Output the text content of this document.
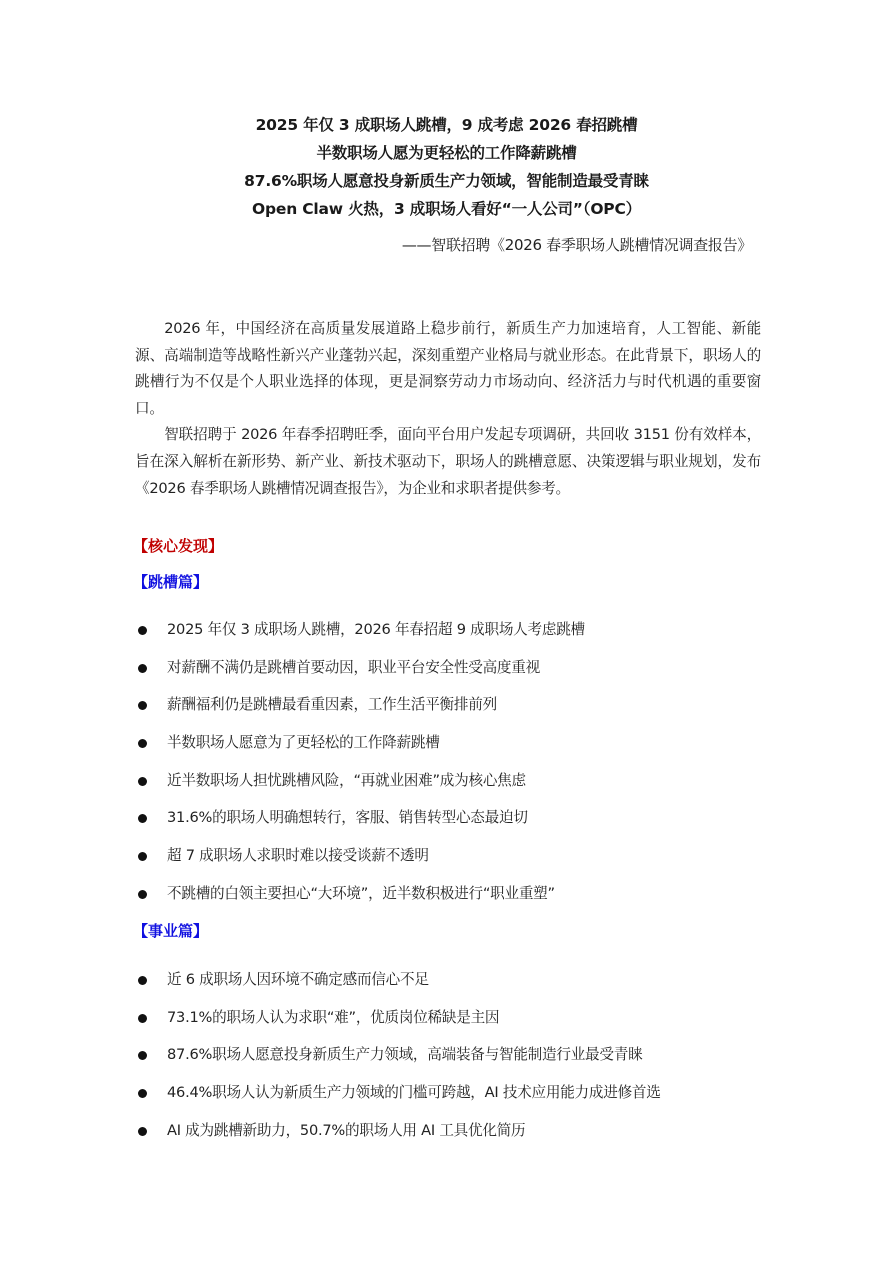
2025 年仅 3 成职场人跳槽，9 成考虑 2026 春招跳槽
半数职场人愿为更轻松的工作降薪跳槽
87.6%职场人愿意投身新质生产力领域，智能制造最受青睐
Open Claw 火热，3 成职场人看好“一人公司”（OPC）
——智联招聘《2026 春季职场人跳槽情况调查报告》

2026 年，中国经济在高质量发展道路上稳步前行，新质生产力加速培育，人工智能、新能源、高端制造等战略性新兴产业蓬勃兴起，深刻重塑产业格局与就业形态。在此背景下，职场人的跳槽行为不仅是个人职业选择的体现，更是洞察劳动力市场动向、经济活力与时代机遇的重要窗口。

智联招聘于 2026 年春季招聘旺季，面向平台用户发起专项调研，共回收 3151 份有效样本，旨在深入解析在新形势、新产业、新技术驱动下，职场人的跳槽意愿、决策逻辑与职业规划，发布《2026 春季职场人跳槽情况调查报告》，为企业和求职者提供参考。

【核心发现】
【跳槽篇】
2025 年仅 3 成职场人跳槽，2026 年春招超 9 成职场人考虑跳槽
对薪酬不满仍是跳槽首要动因，职业平台安全性受高度重视
薪酬福利仍是跳槽最看重因素，工作生活平衡排前列
半数职场人愿意为了更轻松的工作降薪跳槽
近半数职场人担忧跳槽风险，“再就业困难”成为核心焦虑
31.6%的职场人明确想转行，客服、销售转型心态最迫切
超 7 成职场人求职时难以接受谈薪不透明
不跳槽的白领主要担心“大环境”，近半数积极进行“职业重塑”
【事业篇】
近 6 成职场人因环境不确定感而信心不足
73.1%的职场人认为求职“难”，优质岗位稀缺是主因
87.6%职场人愿意投身新质生产力领域，高端装备与智能制造行业最受青睐
46.4%职场人认为新质生产力领域的门槛可跨越，AI 技术应用能力成进修首选
AI 成为跳槽新助力，50.7%的职场人用 AI 工具优化简历
